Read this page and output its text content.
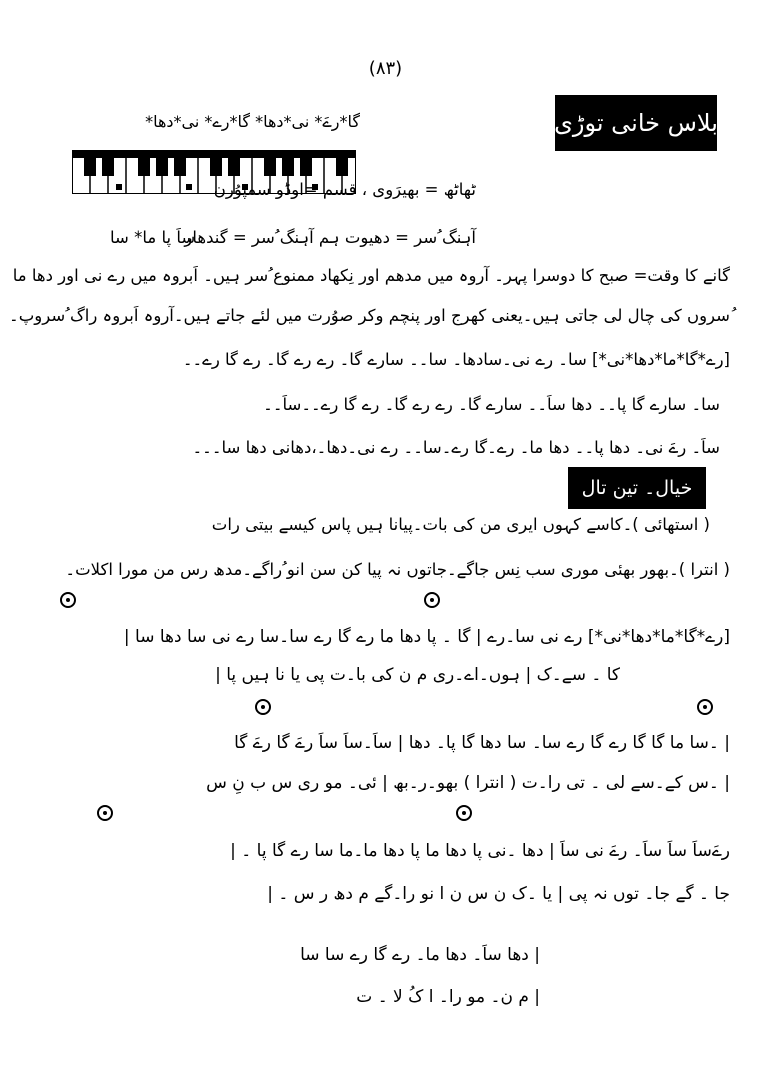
(٨٣)
بلاس خانی توڑی
گا*رےَ* نی*دھا* گا*رے* نی*دھا*
ٹھاٹھ = بھیرَوی ، قسم =اوڈو سمپوُرن
آہنگ ُسر = دھیوت ہم آہنگ ُسر = گندھار
ساَ پا ما* سا
گانے کا وقت= صبح کا دوسرا پہر۔ آروہ میں مدھم اور نِکھاد ممنوع ُسر ہیں۔ اَبروہ میں رے نی اور دھا ما
ُسروں کی چال لی جاتی ہیں۔یعنی کھرج اور پنچم وکر صوُرت میں لئے جاتے ہیں۔آروہ اَبروہ راگ ُسروپ۔
[رے*گا*ما*دھا*نی*] سا۔ رے نی۔سادھا۔ سا۔۔ سارے گا۔ رے رے گا۔ رے گا رے۔۔
سا۔ سارے گا پا۔۔ دھا ساَ۔۔ سارے گا۔ رے رے گا۔ رے گا رے۔۔ساَ۔۔
ساَ۔ رےَ نی۔ دھا پا۔۔ دھا ما۔ رے۔گا رے۔سا۔۔ رے نی۔دھا۔،دھانی دھا سا۔۔۔
خیال۔ تین تال
( استھائی )۔کاسے کہوں ایری من کی بات۔پیانا ہیں پاس کیسے بیتی رات
( انترا )۔بھور بھئی موری سب نِس جاگے۔جاتوں نہ پیا کن سن انو ُراگے۔مدھ رس من مورا اکلات۔
[رے*گا*ما*دھا*نی*] رے نی سا۔رے | گا ۔ پا دھا ما رے گا رے سا۔سا رے نی سا دھا سا |
کا ۔ سے۔ک | ہوں۔اے۔ری م ن کی با۔ت پی یا نا ہیں پا |
| ۔سا ما گا گا رے گا رے سا۔ سا دھا گا پا۔ دھا | ساَ۔ساَ ساَ رےَ گا رےَ گا
| ۔س کے۔سے لی ۔ تی را۔ت ( انترا ) بھو۔ر۔بھ | ئی۔ مو ری س ب نِ س
رےَساَ ساَ ساَ۔ رےَ نی ساَ | دھا ۔نی پا دھا ما پا دھا ما۔ما سا رے گا پا ۔ |
جا ۔ گے جا۔ توں نہ پی | یا ۔ک ن س ن ا نو را۔گے م دھ ر س ۔ |
| دھا ساَ۔ دھا ما۔ رے گا رے سا سا
| م ن۔ مو را۔ ا کُ لا ۔ ت
